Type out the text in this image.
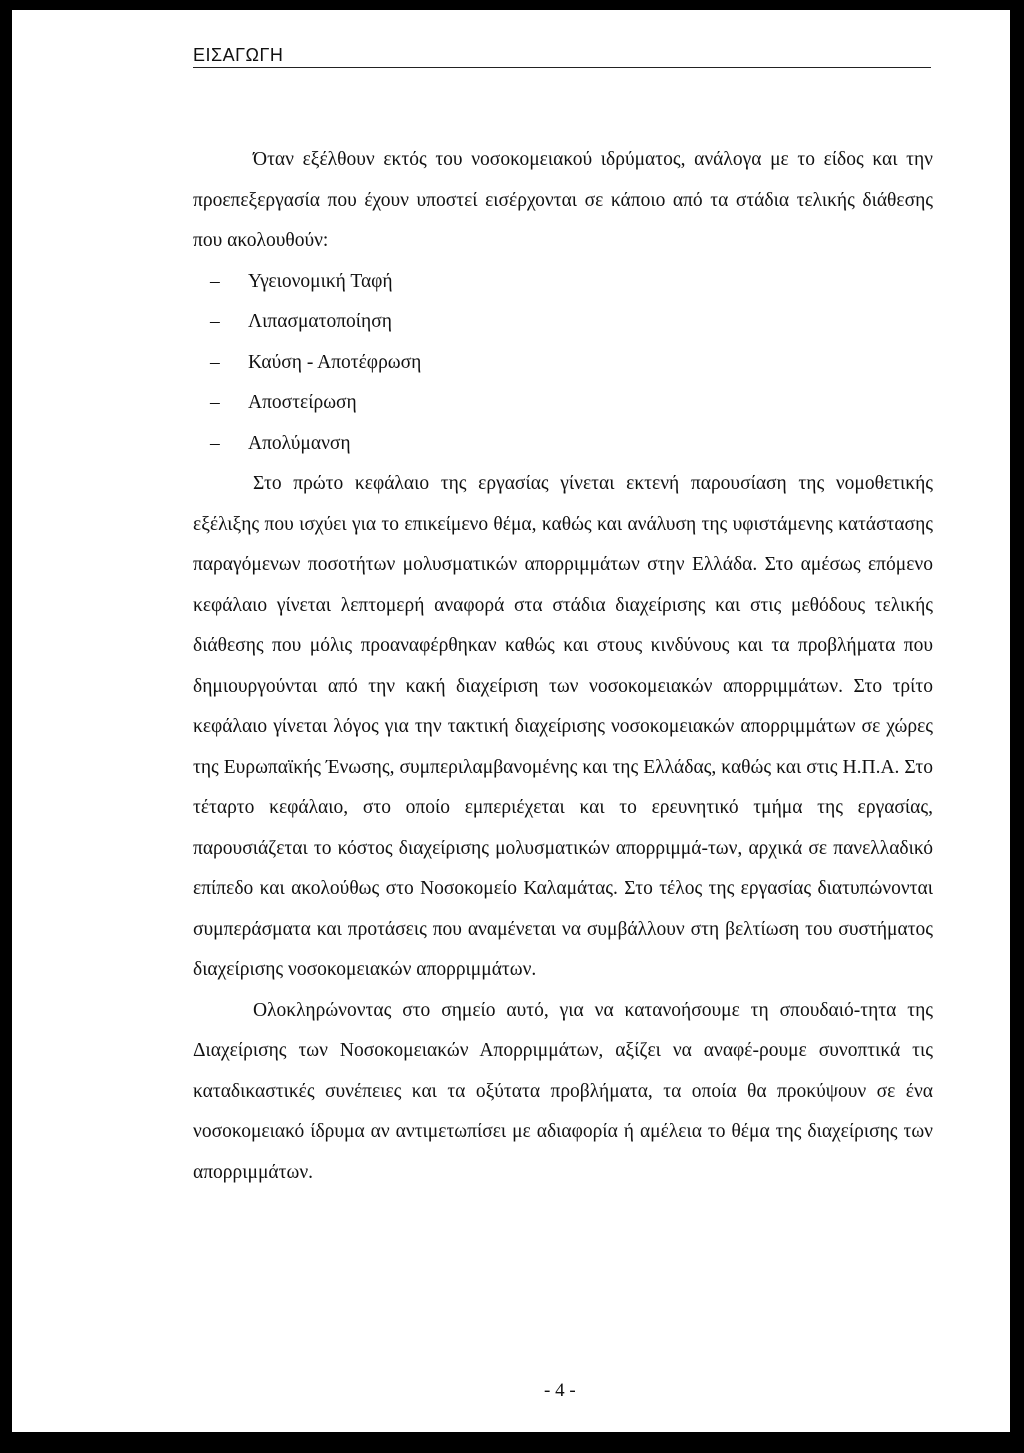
ΕΙΣΑΓΩΓΗ

Όταν εξέλθουν εκτός του νοσοκομειακού ιδρύματος, ανάλογα με το είδος και την προεπεξεργασία που έχουν υποστεί εισέρχονται σε κάποιο από τα στάδια τελικής διάθεσης που ακολουθούν:

– Υγειονομική Ταφή
– Λιπασματοποίηση
– Καύση - Αποτέφρωση
– Αποστείρωση
– Απολύμανση

Στο πρώτο κεφάλαιο της εργασίας γίνεται εκτενή παρουσίαση της νομοθετικής εξέλιξης που ισχύει για το επικείμενο θέμα, καθώς και ανάλυση της υφιστάμενης κατάστασης παραγόμενων ποσοτήτων μολυσματικών απορριμμάτων στην Ελλάδα. Στο αμέσως επόμενο κεφάλαιο γίνεται λεπτομερή αναφορά στα στάδια διαχείρισης και στις μεθόδους τελικής διάθεσης που μόλις προαναφέρθηκαν καθώς και στους κινδύνους και τα προβλήματα που δημιουργούνται από την κακή διαχείριση των νοσοκομειακών απορριμμάτων. Στο τρίτο κεφάλαιο γίνεται λόγος για την τακτική διαχείρισης νοσοκομειακών απορριμμάτων σε χώρες της Ευρωπαϊκής Ένωσης, συμπεριλαμβανομένης και της Ελλάδας, καθώς και στις Η.Π.Α. Στο τέταρτο κεφάλαιο, στο οποίο εμπεριέχεται και το ερευνητικό τμήμα της εργασίας, παρουσιάζεται το κόστος διαχείρισης μολυσματικών απορριμμά-των, αρχικά σε πανελλαδικό επίπεδο και ακολούθως στο Νοσοκομείο Καλαμάτας. Στο τέλος της εργασίας διατυπώνονται συμπεράσματα και προτάσεις που αναμένεται να συμβάλλουν στη βελτίωση του συστήματος διαχείρισης νοσοκομειακών απορριμμάτων.

Ολοκληρώνοντας στο σημείο αυτό, για να κατανοήσουμε τη σπουδαιό-τητα της Διαχείρισης των Νοσοκομειακών Απορριμμάτων, αξίζει να αναφέ-ρουμε συνοπτικά τις καταδικαστικές συνέπειες και τα οξύτατα προβλήματα, τα οποία θα προκύψουν σε ένα νοσοκομειακό ίδρυμα αν αντιμετωπίσει με αδιαφορία ή αμέλεια το θέμα της διαχείρισης των απορριμμάτων.

- 4 -
